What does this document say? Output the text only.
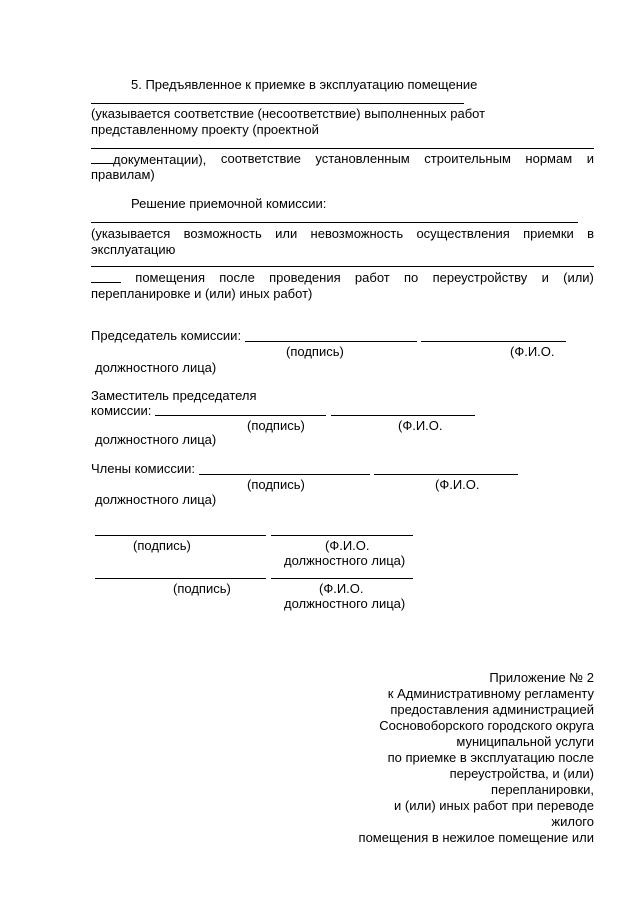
5. Предъявленное к приемке в эксплуатацию помещение
(указывается соответствие (несоответствие) выполненных работ
представленному проекту (проектной
документации), соответствие установленным строительным нормам и
правилам)
Решение приемочной комиссии:
(указывается возможность или невозможность осуществления приемки в
эксплуатацию
помещения после проведения работ по переустройству и (или)
перепланировке и (или) иных работ)
Председатель комиссии:
(подпись)	(Ф.И.О.
должностного лица)
Заместитель председателя
комиссии:
(подпись)	(Ф.И.О.
должностного лица)
Члены комиссии:
(подпись)	(Ф.И.О.
должностного лица)
(подпись)	(Ф.И.О.
должностного лица)
(подпись)	(Ф.И.О.
должностного лица)
Приложение № 2
к Административному регламенту
предоставления администрацией
Сосновоборского городского округа
муниципальной услуги
по приемке в эксплуатацию после
переустройства, и (или)
перепланировки,
и (или) иных работ при переводе
жилого
помещения в нежилое помещение или
